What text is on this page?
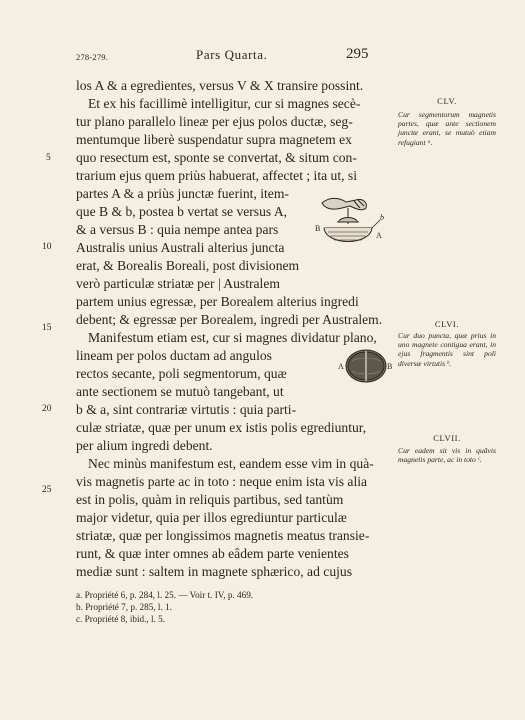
278-279.	Pars Quarta.	295
los A & a egredientes, versus V & X transire possint.
Et ex his facillimè intelligitur, cur si magnes secè-
tur plano parallelo lineæ per ejus polos ductæ, seg-
mentumque liberè suspendatur supra magnetem ex
quo resectum est, sponte se convertat, & situm con-
trarium ejus quem priùs habuerat, affectet ; ita ut, si
partes A & a priùs junctæ fuerint, item-
que B & b, postea b vertat se versus A,
& a versus B : quia nempe antea pars
Australis unius Australi alterius juncta
erat, & Borealis Boreali, post divisionem
verò particulæ striatæ per | Australem
partem unius egressæ, per Borealem alterius ingredi
debent; & egressæ per Borealem, ingredi per Australem.
Manifestum etiam est, cur si magnes dividatur plano,
lineam per polos ductam ad angulos
rectos secante, poli segmentorum, quæ
ante sectionem se mutuò tangebant, ut
b & a, sint contrariæ virtutis : quia parti-
culæ striatæ, quæ per unum ex istis polis egrediuntur,
per alium ingredi debent.
Nec minùs manifestum est, eandem esse vim in quà-
vis magnetis parte ac in toto : neque enim ista vis alia
est in polis, quàm in reliquis partibus, sed tantùm
major videtur, quia per illos egrediuntur particulæ
striatæ, quæ per longissimos magnetis meatus transie-
runt, & quæ inter omnes ab eâdem parte venientes
mediæ sunt : saltem in magnete sphærico, ad cujus
5
10
15
20
25
CLV.
Cur segmentorum magnetis partes, quæ ante sectionem junctæ erant, se mutuò etiam refugiant ᵃ.
CLVI.
Cur duo puncta, quæ prius in uno magnete contigua erant, in ejus fragmentis sint poli diversæ virtutis ᵇ.
CLVII.
Cur eadem sit vis in quâvis magnetis parte, ac in toto ᶜ.
B
A
b
A	B
a. Propriété 6, p. 284, l. 25. — Voir t. IV, p. 469.
b. Propriété 7, p. 285, l. 1.
c. Propriété 8, ibid., l. 5.
